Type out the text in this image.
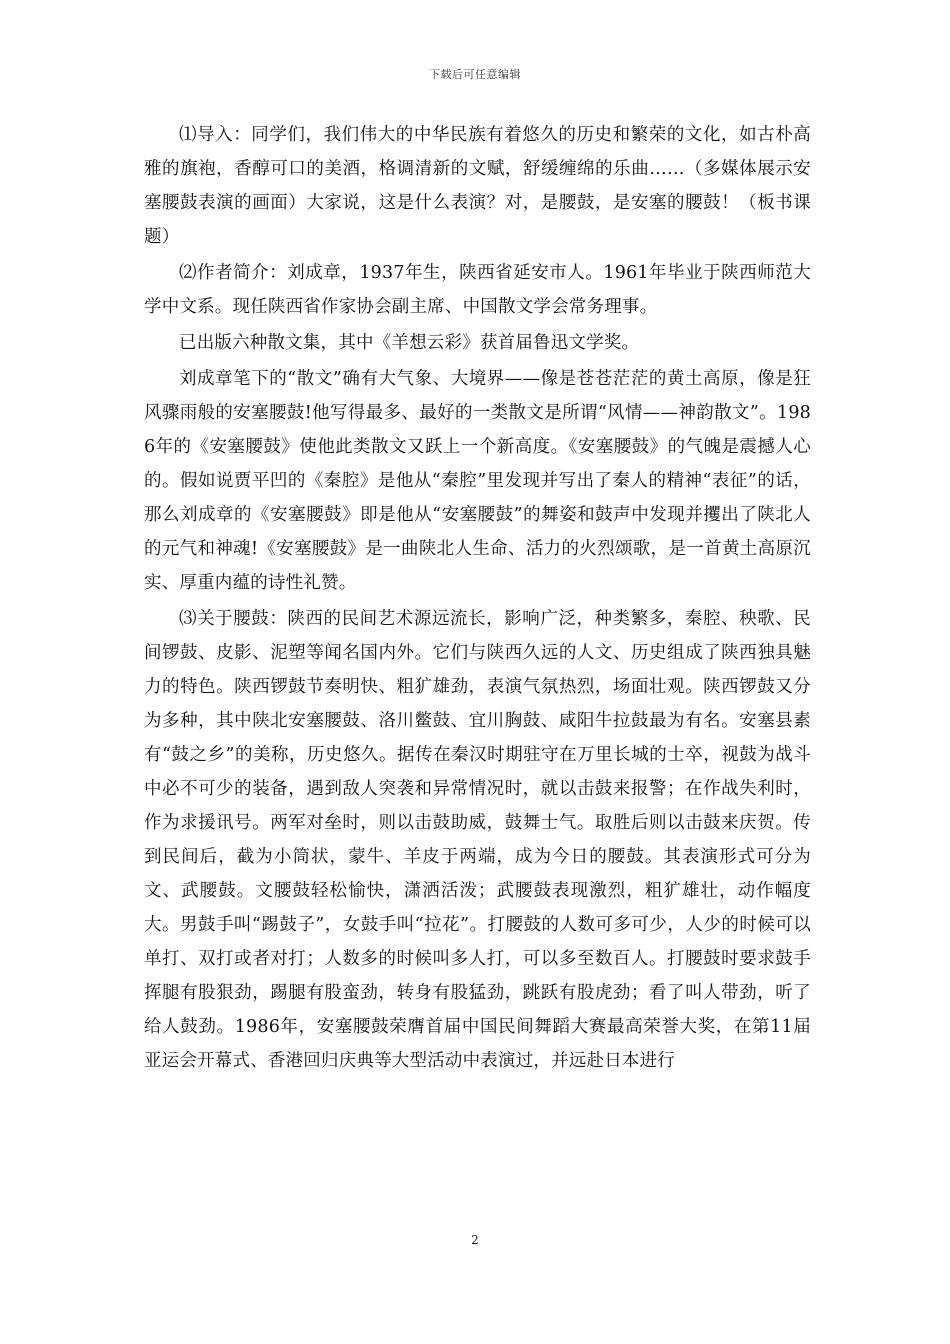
下载后可任意编辑

⑴导入：同学们，我们伟大的中华民族有着悠久的历史和繁荣的文化，如古朴高雅的旗袍，香醇可口的美酒，格调清新的文赋，舒缓缠绵的乐曲……（多媒体展示安塞腰鼓表演的画面）大家说，这是什么表演？对，是腰鼓，是安塞的腰鼓！（板书课题）

⑵作者简介：刘成章，1937年生，陕西省延安市人。1961年毕业于陕西师范大学中文系。现任陕西省作家协会副主席、中国散文学会常务理事。

已出版六种散文集，其中《羊想云彩》获首届鲁迅文学奖。

刘成章笔下的“散文”确有大气象、大境界——像是苍苍茫茫的黄土高原，像是狂风骤雨般的安塞腰鼓!他写得最多、最好的一类散文是所谓“风情——神韵散文”。1986年的《安塞腰鼓》使他此类散文又跃上一个新高度。《安塞腰鼓》的气魄是震撼人心的。假如说贾平凹的《秦腔》是他从“秦腔”里发现并写出了秦人的精神“表征”的话，那么刘成章的《安塞腰鼓》即是他从“安塞腰鼓”的舞姿和鼓声中发现并攫出了陕北人的元气和神魂!《安塞腰鼓》是一曲陕北人生命、活力的火烈颂歌，是一首黄土高原沉实、厚重内蕴的诗性礼赞。

⑶关于腰鼓：陕西的民间艺术源远流长，影响广泛，种类繁多，秦腔、秧歌、民间锣鼓、皮影、泥塑等闻名国内外。它们与陕西久远的人文、历史组成了陕西独具魅力的特色。陕西锣鼓节奏明快、粗犷雄劲，表演气氛热烈，场面壮观。陕西锣鼓又分为多种，其中陕北安塞腰鼓、洛川鳖鼓、宜川胸鼓、咸阳牛拉鼓最为有名。安塞县素有“鼓之乡”的美称，历史悠久。据传在秦汉时期驻守在万里长城的士卒，视鼓为战斗中必不可少的装备，遇到敌人突袭和异常情况时，就以击鼓来报警；在作战失利时，作为求援讯号。两军对垒时，则以击鼓助威，鼓舞士气。取胜后则以击鼓来庆贺。传到民间后，截为小筒状，蒙牛、羊皮于两端，成为今日的腰鼓。其表演形式可分为文、武腰鼓。文腰鼓轻松愉快，潇洒活泼；武腰鼓表现激烈，粗犷雄壮，动作幅度大。男鼓手叫“踢鼓子”，女鼓手叫“拉花”。打腰鼓的人数可多可少，人少的时候可以单打、双打或者对打；人数多的时候叫多人打，可以多至数百人。打腰鼓时要求鼓手挥腿有股狠劲，踢腿有股蛮劲，转身有股猛劲，跳跃有股虎劲；看了叫人带劲，听了给人鼓劲。1986年，安塞腰鼓荣膺首届中国民间舞蹈大赛最高荣誉大奖，在第11届亚运会开幕式、香港回归庆典等大型活动中表演过，并远赴日本进行

2
